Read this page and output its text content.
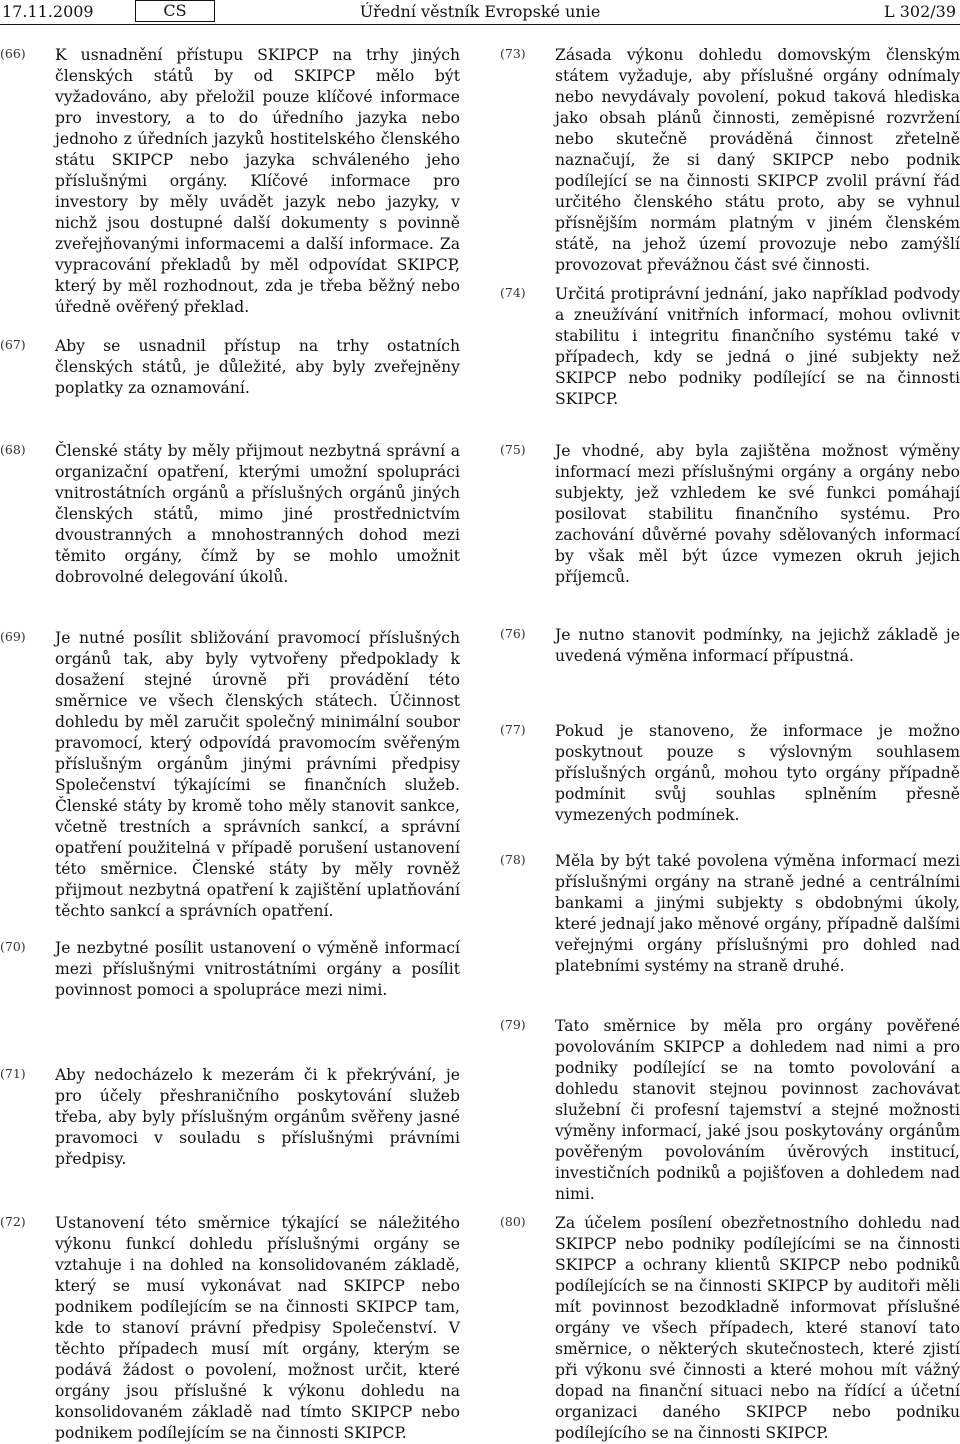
17.11.2009	CS	Úřední věstník Evropské unie	L 302/39
(66) K usnadnění přístupu SKIPCP na trhy jiných členských států by od SKIPCP mělo být vyžadováno, aby přeložil pouze klíčové informace pro investory, a to do úředního jazyka nebo jednoho z úředních jazyků hostitelského členského státu SKIPCP nebo jazyka schváleného jeho příslušnými orgány. Klíčové informace pro investory by měly uvádět jazyk nebo jazyky, v nichž jsou dostupné další dokumenty s povinně zveřejňovanými informacemi a další informace. Za vypracování překladů by měl odpovídat SKIPCP, který by měl rozhodnout, zda je třeba běžný nebo úředně ověřený překlad.
(67) Aby se usnadnil přístup na trhy ostatních členských států, je důležité, aby byly zveřejněny poplatky za oznamování.
(68) Členské státy by měly přijmout nezbytná správní a organizační opatření, kterými umožní spolupráci vnitrostátních orgánů a příslušných orgánů jiných členských států, mimo jiné prostřednictvím dvoustranných a mnohostranných dohod mezi těmito orgány, čímž by se mohlo umožnit dobrovolné delegování úkolů.
(69) Je nutné posílit sbližování pravomocí příslušných orgánů tak, aby byly vytvořeny předpoklady k dosažení stejné úrovně při provádění této směrnice ve všech členských státech. Účinnost dohledu by měl zaručit společný minimální soubor pravomocí, který odpovídá pravomocím svěřeným příslušným orgánům jinými právními předpisy Společenství týkajícími se finančních služeb. Členské státy by kromě toho měly stanovit sankce, včetně trestních a správních sankcí, a správní opatření použitelná v případě porušení ustanovení této směrnice. Členské státy by měly rovněž přijmout nezbytná opatření k zajištění uplatňování těchto sankcí a správních opatření.
(70) Je nezbytné posílit ustanovení o výměně informací mezi příslušnými vnitrostátními orgány a posílit povinnost pomoci a spolupráce mezi nimi.
(71) Aby nedocházelo k mezerám či k překrývání, je pro účely přeshraničního poskytování služeb třeba, aby byly příslušným orgánům svěřeny jasné pravomoci v souladu s příslušnými právními předpisy.
(72) Ustanovení této směrnice týkající se náležitého výkonu funkcí dohledu příslušnými orgány se vztahuje i na dohled na konsolidovaném základě, který se musí vykonávat nad SKIPCP nebo podnikem podílejícím se na činnosti SKIPCP tam, kde to stanoví právní předpisy Společenství. V těchto případech musí mít orgány, kterým se podává žádost o povolení, možnost určit, které orgány jsou příslušné k výkonu dohledu na konsolidovaném základě nad tímto SKIPCP nebo podnikem podílejícím se na činnosti SKIPCP.
(73) Zásada výkonu dohledu domovským členským státem vyžaduje, aby příslušné orgány odnímaly nebo nevydávaly povolení, pokud taková hlediska jako obsah plánů činnosti, zeměpisné rozvržení nebo skutečně prováděná činnost zřetelně naznačují, že si daný SKIPCP nebo podnik podílející se na činnosti SKIPCP zvolil právní řád určitého členského státu proto, aby se vyhnul přísnějším normám platným v jiném členském státě, na jehož území provozuje nebo zamýšlí provozovat převážnou část své činnosti.
(74) Určitá protiprávní jednání, jako například podvody a zneužívání vnitřních informací, mohou ovlivnit stabilitu i integritu finančního systému také v případech, kdy se jedná o jiné subjekty než SKIPCP nebo podniky podílející se na činnosti SKIPCP.
(75) Je vhodné, aby byla zajištěna možnost výměny informací mezi příslušnými orgány a orgány nebo subjekty, jež vzhledem ke své funkci pomáhají posilovat stabilitu finančního systému. Pro zachování důvěrné povahy sdělovaných informací by však měl být úzce vymezen okruh jejich příjemců.
(76) Je nutno stanovit podmínky, na jejichž základě je uvedená výměna informací přípustná.
(77) Pokud je stanoveno, že informace je možno poskytnout pouze s výslovným souhlasem příslušných orgánů, mohou tyto orgány případně podmínit svůj souhlas splněním přesně vymezených podmínek.
(78) Měla by být také povolena výměna informací mezi příslušnými orgány na straně jedné a centrálními bankami a jinými subjekty s obdobnými úkoly, které jednají jako měnové orgány, případně dalšími veřejnými orgány příslušnými pro dohled nad platebními systémy na straně druhé.
(79) Tato směrnice by měla pro orgány pověřené povolováním SKIPCP a dohledem nad nimi a pro podniky podílející se na tomto povolování a dohledu stanovit stejnou povinnost zachovávat služební či profesní tajemství a stejné možnosti výměny informací, jaké jsou poskytovány orgánům pověřeným povolováním úvěrových institucí, investičních podniků a pojišťoven a dohledem nad nimi.
(80) Za účelem posílení obezřetnostního dohledu nad SKIPCP nebo podniky podílejícími se na činnosti SKIPCP a ochrany klientů SKIPCP nebo podniků podílejících se na činnosti SKIPCP by auditoři měli mít povinnost bezodkladně informovat příslušné orgány ve všech případech, které stanoví tato směrnice, o některých skutečnostech, které zjistí při výkonu své činnosti a které mohou mít vážný dopad na finanční situaci nebo na řídící a účetní organizaci daného SKIPCP nebo podniku podílejícího se na činnosti SKIPCP.
